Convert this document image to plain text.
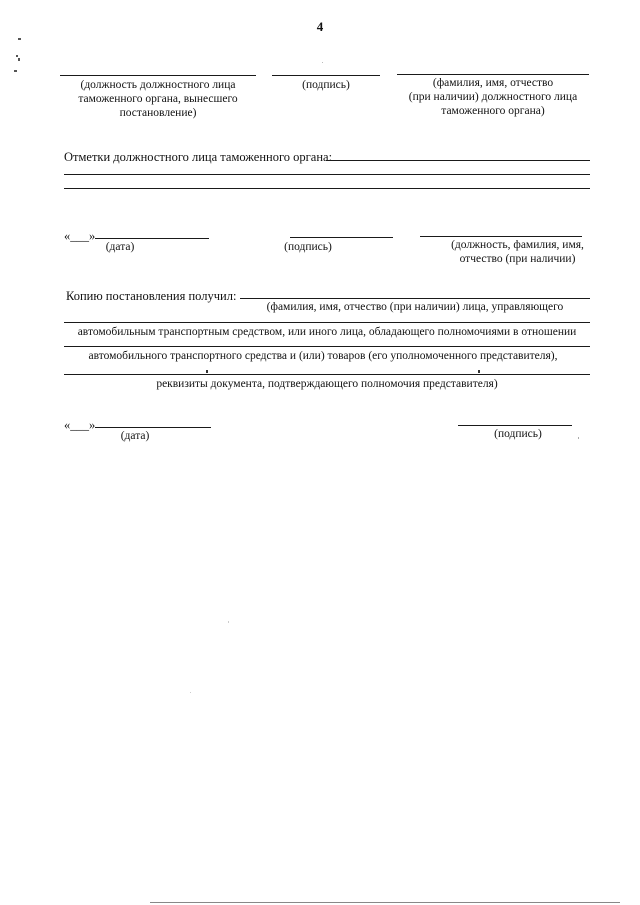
4
(должность должностного лица
таможенного органа, вынесшего
постановление)
(подпись)	(фамилия, имя, отчество
(при наличии) должностного лица
таможенного органа)
Отметки должностного лица таможенного органа:
«___»
(дата)	(подпись)	(должность, фамилия, имя,
отчество (при наличии)
Копию постановления получил:
(фамилия, имя, отчество (при наличии) лица, управляющего
автомобильным транспортным средством, или иного лица, обладающего полномочиями в отношении
автомобильного транспортного средства и (или) товаров (его уполномоченного представителя),
реквизиты документа, подтверждающего полномочия представителя)
«___»
(дата)	(подпись)
